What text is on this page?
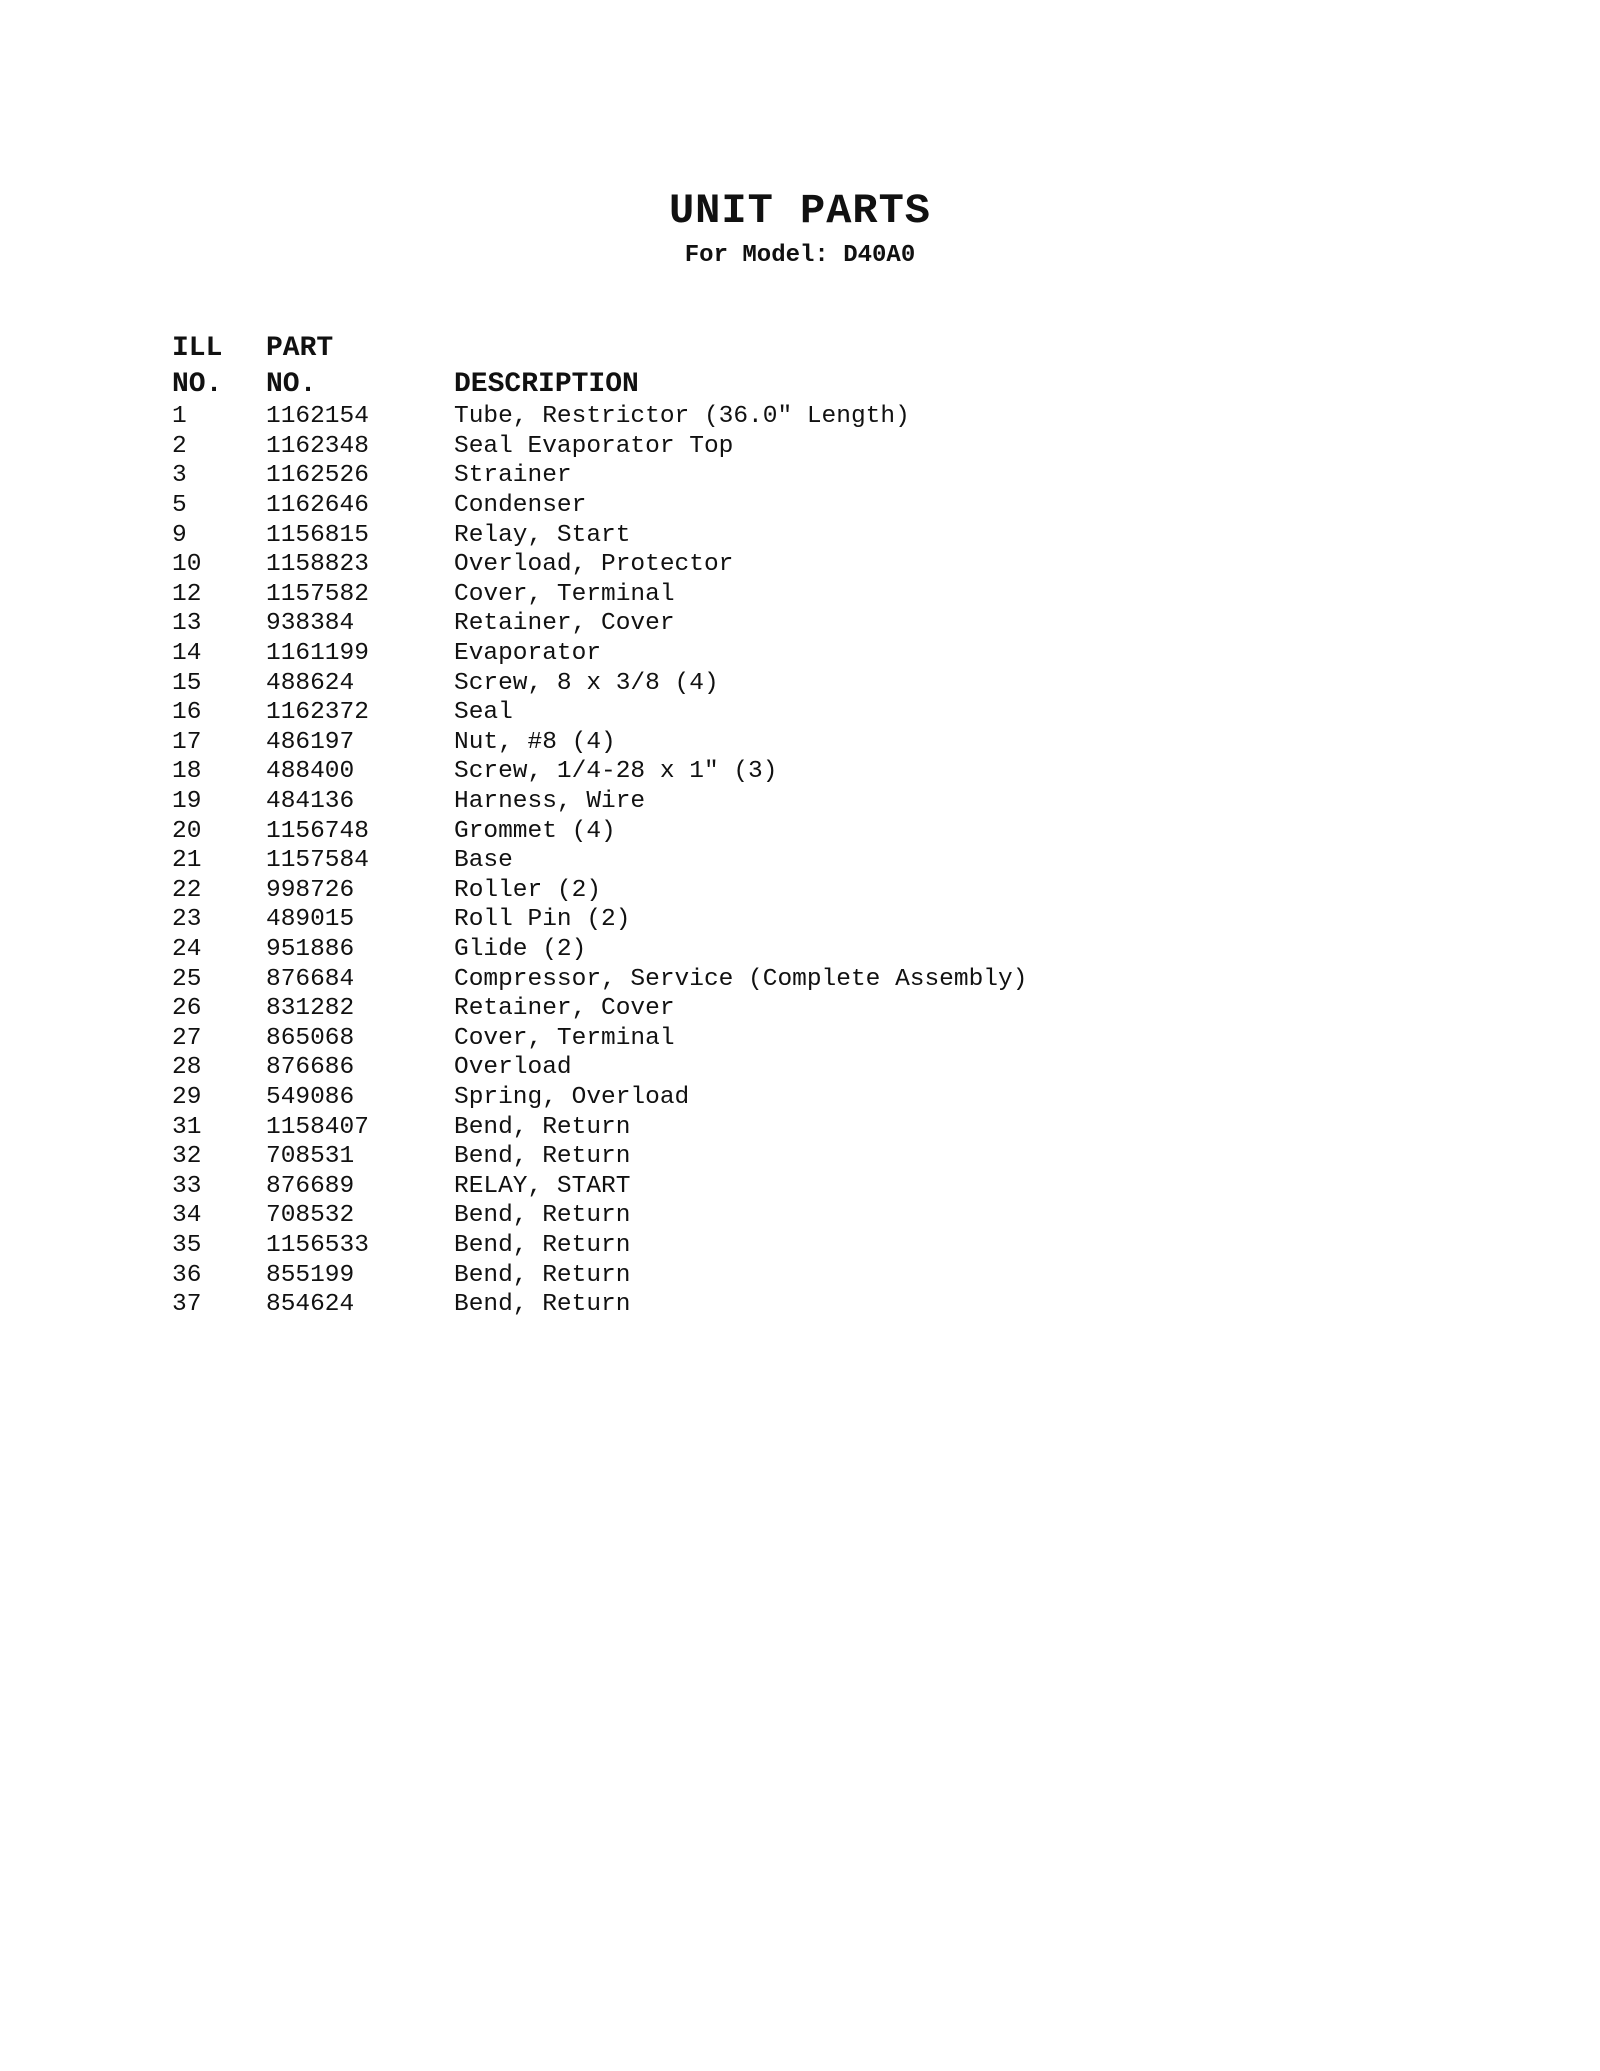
UNIT PARTS
For Model: D40A0
ILL	PART
NO.	NO.	DESCRIPTION
1	1162154	Tube, Restrictor (36.0" Length)
2	1162348	Seal Evaporator Top
3	1162526	Strainer
5	1162646	Condenser
9	1156815	Relay, Start
10	1158823	Overload, Protector
12	1157582	Cover, Terminal
13	938384	Retainer, Cover
14	1161199	Evaporator
15	488624	Screw, 8 x 3/8 (4)
16	1162372	Seal
17	486197	Nut, #8 (4)
18	488400	Screw, 1/4-28 x 1" (3)
19	484136	Harness, Wire
20	1156748	Grommet (4)
21	1157584	Base
22	998726	Roller (2)
23	489015	Roll Pin (2)
24	951886	Glide (2)
25	876684	Compressor, Service (Complete Assembly)
26	831282	Retainer, Cover
27	865068	Cover, Terminal
28	876686	Overload
29	549086	Spring, Overload
31	1158407	Bend, Return
32	708531	Bend, Return
33	876689	RELAY, START
34	708532	Bend, Return
35	1156533	Bend, Return
36	855199	Bend, Return
37	854624	Bend, Return
